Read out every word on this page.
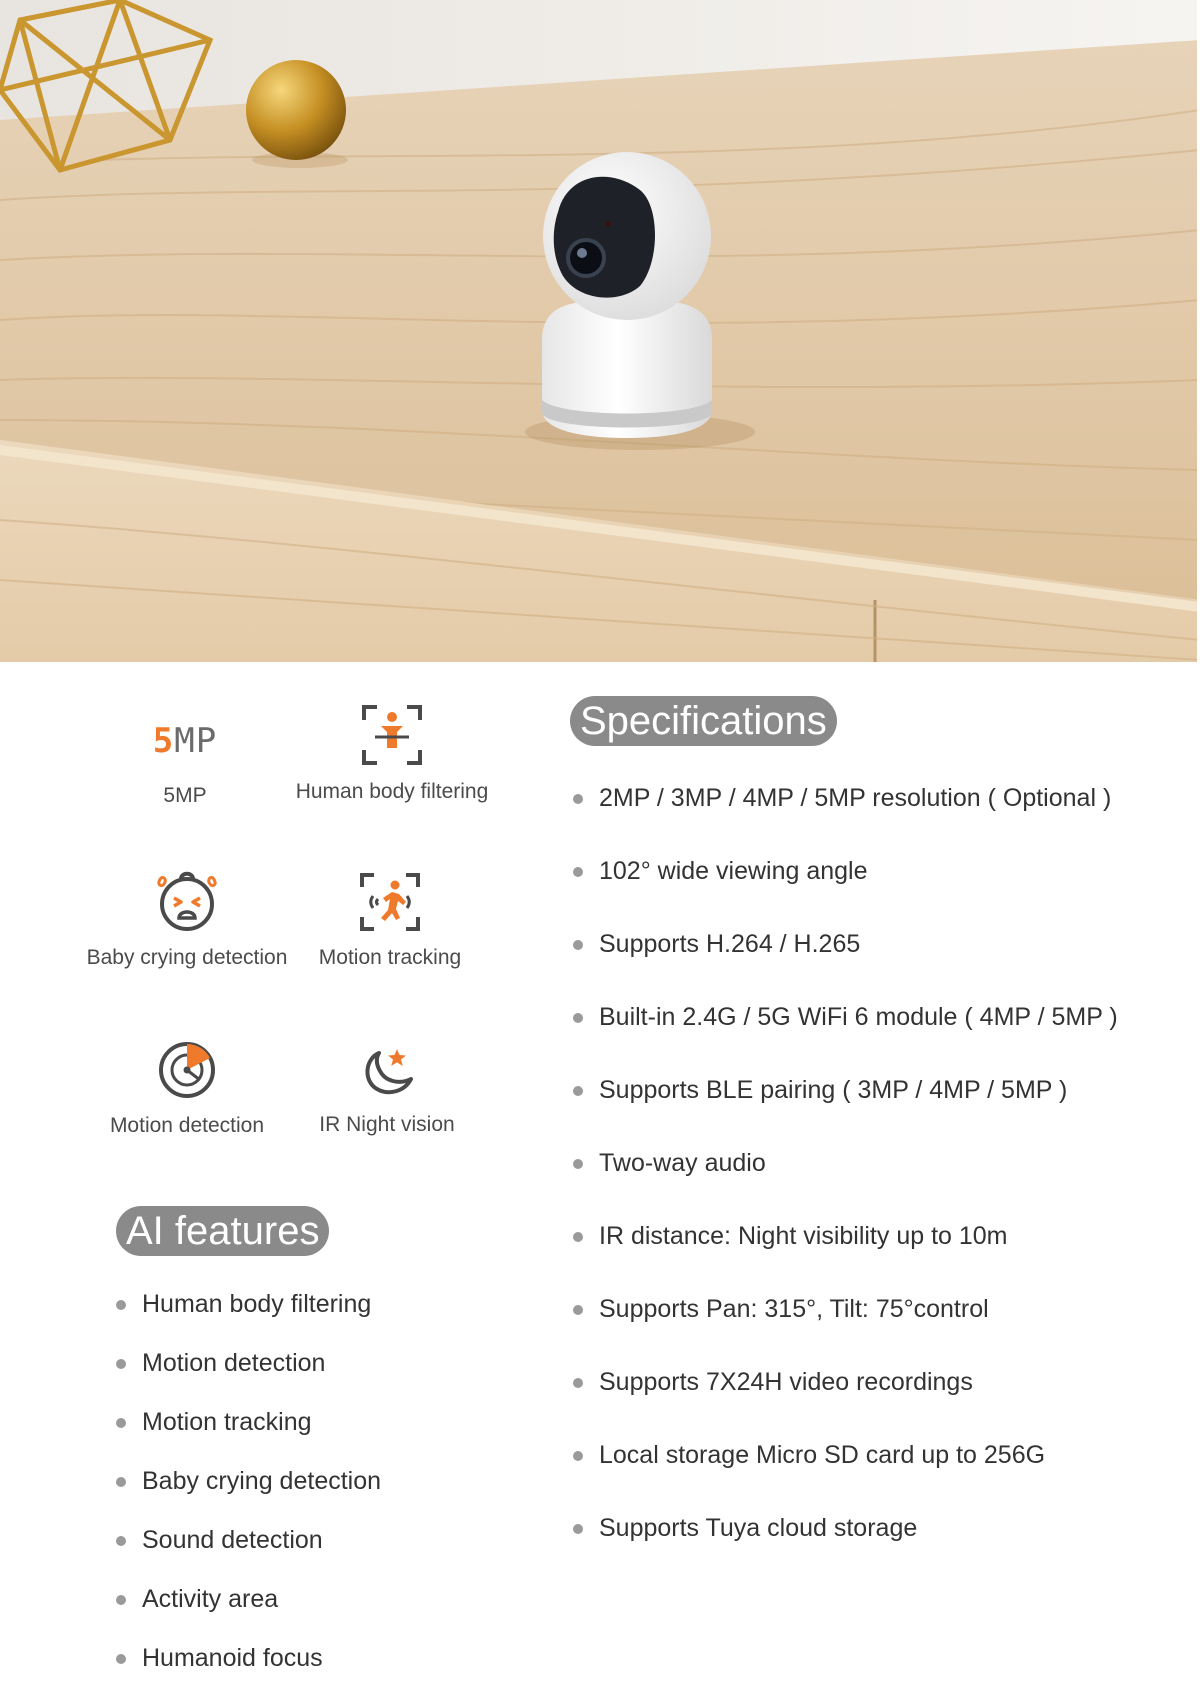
5MP
5MP	Human body filtering
Baby crying detection	Motion tracking
Motion detection	IR Night vision
AI features
Human body filtering
Motion detection
Motion tracking
Baby crying detection
Sound detection
Activity area
Humanoid focus
Specifications
2MP / 3MP / 4MP / 5MP resolution ( Optional )
102° wide viewing angle
Supports H.264 / H.265
Built-in 2.4G / 5G WiFi 6 module ( 4MP / 5MP )
Supports BLE pairing ( 3MP / 4MP / 5MP )
Two-way audio
IR distance: Night visibility up to 10m
Supports Pan: 315°, Tilt: 75°control
Supports 7X24H video recordings
Local storage Micro SD card up to 256G
Supports Tuya cloud storage
